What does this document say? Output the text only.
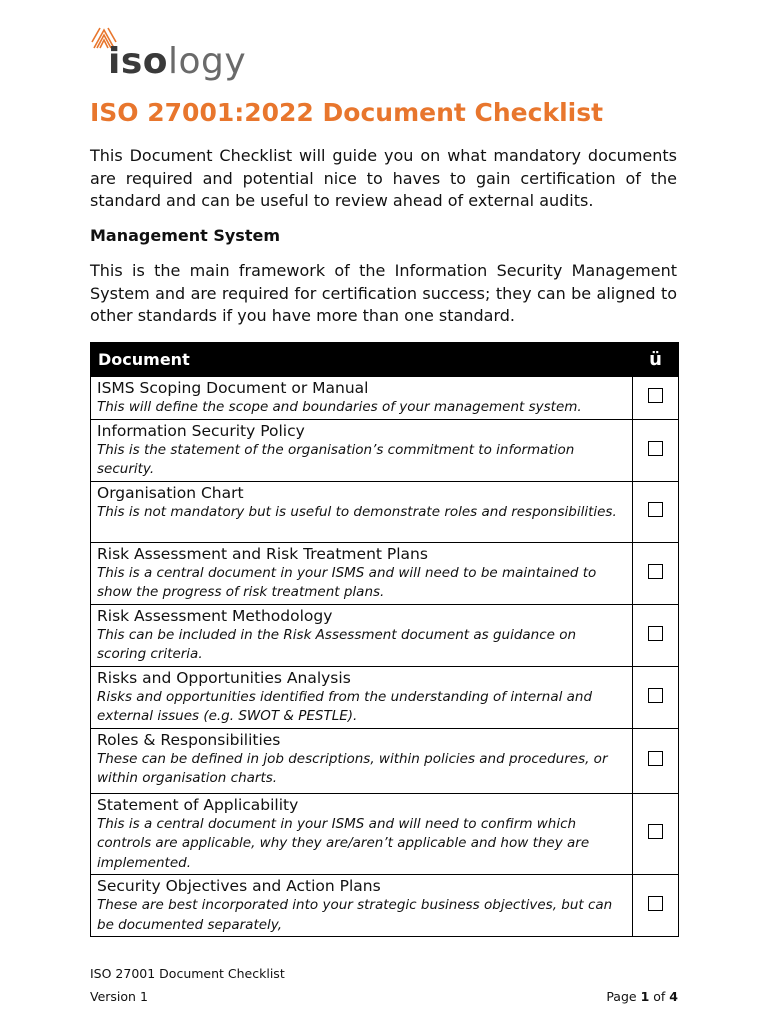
isology
ISO 27001:2022 Document Checklist

This Document Checklist will guide you on what mandatory documents are required and potential nice to haves to gain certification of the standard and can be useful to review ahead of external audits.

Management System

This is the main framework of the Information Security Management System and are required for certification success; they can be aligned to other standards if you have more than one standard.

Document	ü

ISMS Scoping Document or Manual
This will define the scope and boundaries of your management system.	

Information Security Policy
This is the statement of the organisation’s commitment to information security.	

Organisation Chart
This is not mandatory but is useful to demonstrate roles and responsibilities.	

Risk Assessment and Risk Treatment Plans
This is a central document in your ISMS and will need to be maintained to show the progress of risk treatment plans.	

Risk Assessment Methodology
This can be included in the Risk Assessment document as guidance on scoring criteria.	

Risks and Opportunities Analysis
Risks and opportunities identified from the understanding of internal and external issues (e.g. SWOT & PESTLE).	

Roles & Responsibilities
These can be defined in job descriptions, within policies and procedures, or within organisation charts.	

Statement of Applicability
This is a central document in your ISMS and will need to confirm which controls are applicable, why they are/aren’t applicable and how they are implemented.	

Security Objectives and Action Plans
These are best incorporated into your strategic business objectives, but can be documented separately,	

ISO 27001 Document Checklist
Version 1	Page 1 of 4
